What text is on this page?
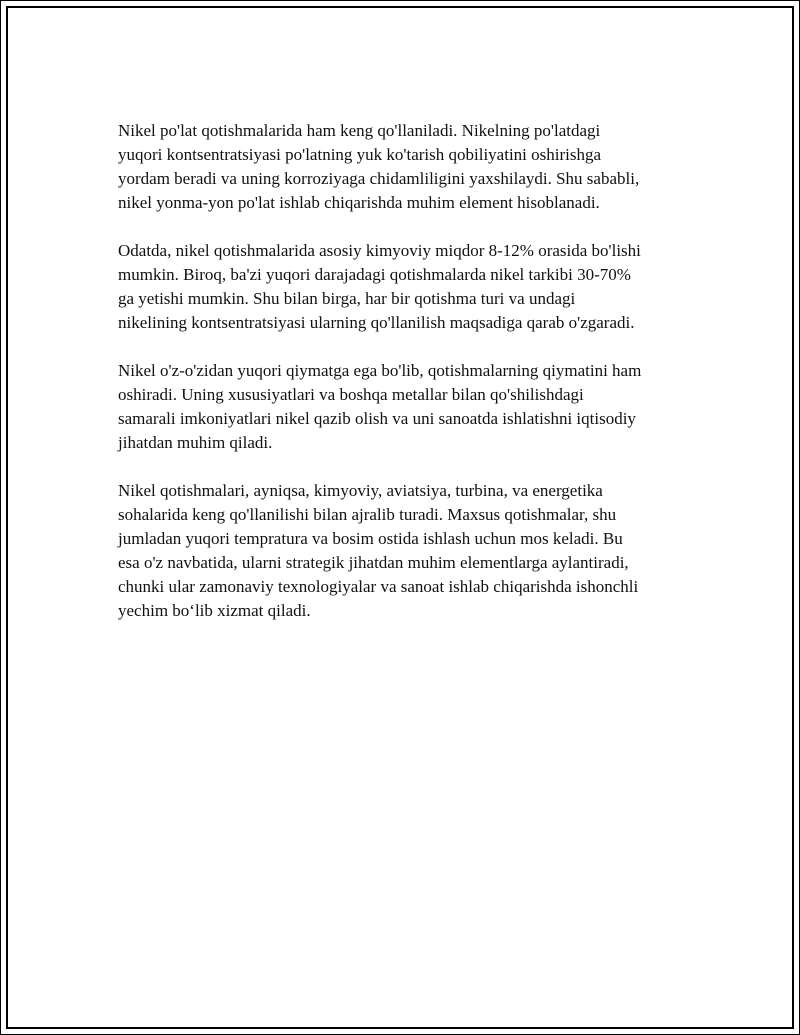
Nikel po'lat qotishmalarida ham keng qo'llaniladi. Nikelning po'latdagi
yuqori kontsentratsiyasi po'latning yuk ko'tarish qobiliyatini oshirishga
yordam beradi va uning korroziyaga chidamliligini yaxshilaydi. Shu sababli,
nikel yonma-yon po'lat ishlab chiqarishda muhim element hisoblanadi.

Odatda, nikel qotishmalarida asosiy kimyoviy miqdor 8-12% orasida bo'lishi
mumkin. Biroq, ba'zi yuqori darajadagi qotishmalarda nikel tarkibi 30-70%
ga yetishi mumkin. Shu bilan birga, har bir qotishma turi va undagi
nikelining kontsentratsiyasi ularning qo'llanilish maqsadiga qarab o'zgaradi.

Nikel o'z-o'zidan yuqori qiymatga ega bo'lib, qotishmalarning qiymatini ham
oshiradi. Uning xususiyatlari va boshqa metallar bilan qo'shilishdagi
samarali imkoniyatlari nikel qazib olish va uni sanoatda ishlatishni iqtisodiy
jihatdan muhim qiladi.

Nikel qotishmalari, ayniqsa, kimyoviy, aviatsiya, turbina, va energetika
sohalarida keng qo'llanilishi bilan ajralib turadi. Maxsus qotishmalar, shu
jumladan yuqori tempratura va bosim ostida ishlash uchun mos keladi. Bu
esa o'z navbatida, ularni strategik jihatdan muhim elementlarga aylantiradi,
chunki ular zamonaviy texnologiyalar va sanoat ishlab chiqarishda ishonchli
yechim bo‘lib xizmat qiladi.
